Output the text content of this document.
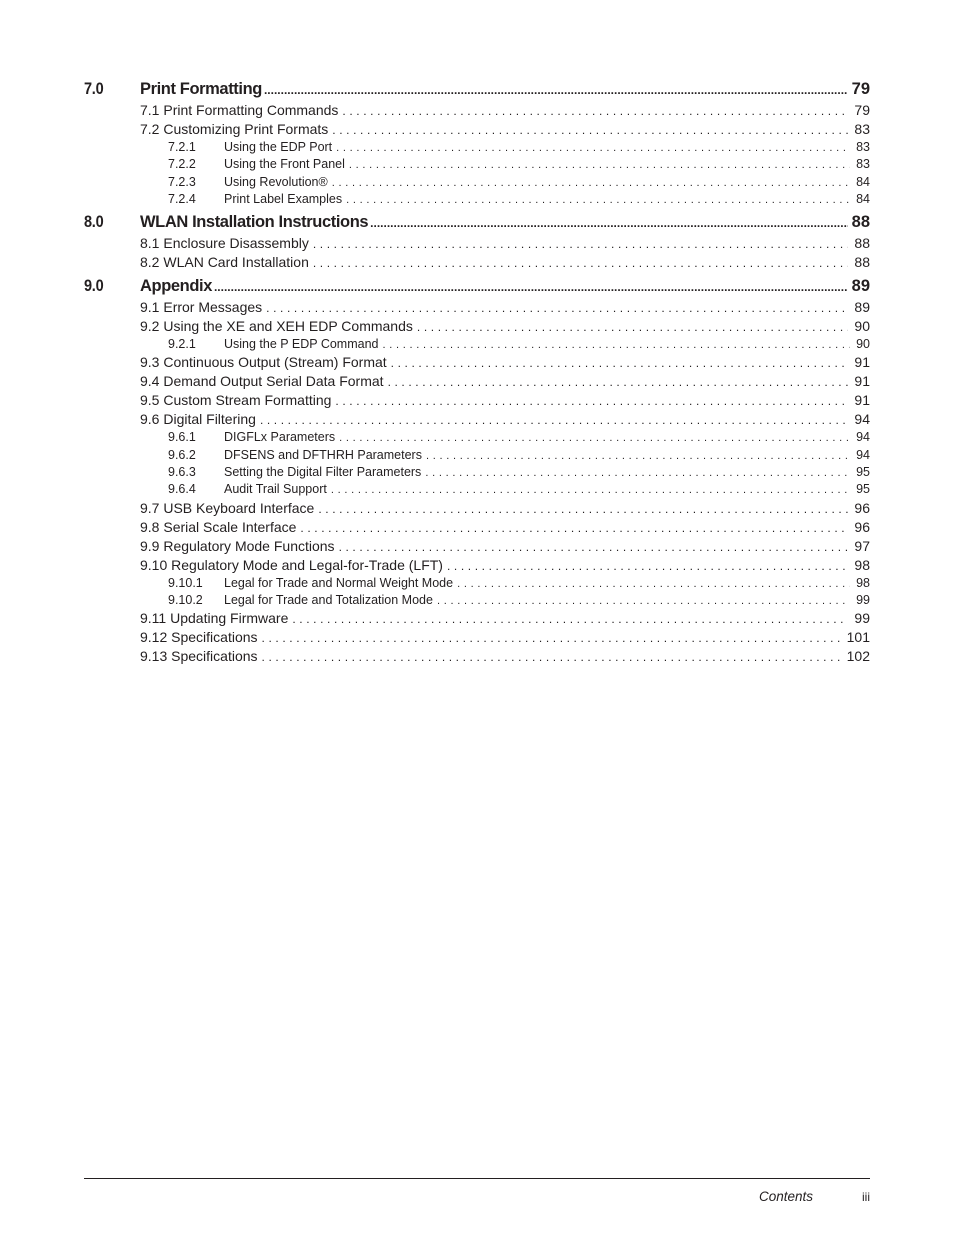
7.0	Print Formatting .....	79
7.1 Print Formatting Commands .....	79
7.2 Customizing Print Formats .....	83
7.2.1	Using the EDP Port .....	83
7.2.2	Using the Front Panel .....	83
7.2.3	Using Revolution® .....	84
7.2.4	Print Label Examples .....	84
8.0	WLAN Installation Instructions .....	88
8.1 Enclosure Disassembly .....	88
8.2 WLAN Card Installation .....	88
9.0	Appendix .....	89
9.1 Error Messages .....	89
9.2 Using the XE and XEH EDP Commands .....	90
9.2.1	Using the P EDP Command .....	90
9.3 Continuous Output (Stream) Format .....	91
9.4 Demand Output Serial Data Format .....	91
9.5 Custom Stream Formatting .....	91
9.6 Digital Filtering .....	94
9.6.1	DIGFLx Parameters .....	94
9.6.2	DFSENS and DFTHRH Parameters .....	94
9.6.3	Setting the Digital Filter Parameters .....	95
9.6.4	Audit Trail Support .....	95
9.7 USB Keyboard Interface .....	96
9.8 Serial Scale Interface .....	96
9.9 Regulatory Mode Functions .....	97
9.10 Regulatory Mode and Legal-for-Trade (LFT) .....	98
9.10.1	Legal for Trade and Normal Weight Mode .....	98
9.10.2	Legal for Trade and Totalization Mode .....	99
9.11 Updating Firmware .....	99
9.12 Specifications .....	101
9.13 Specifications .....	102
Contents	iii
